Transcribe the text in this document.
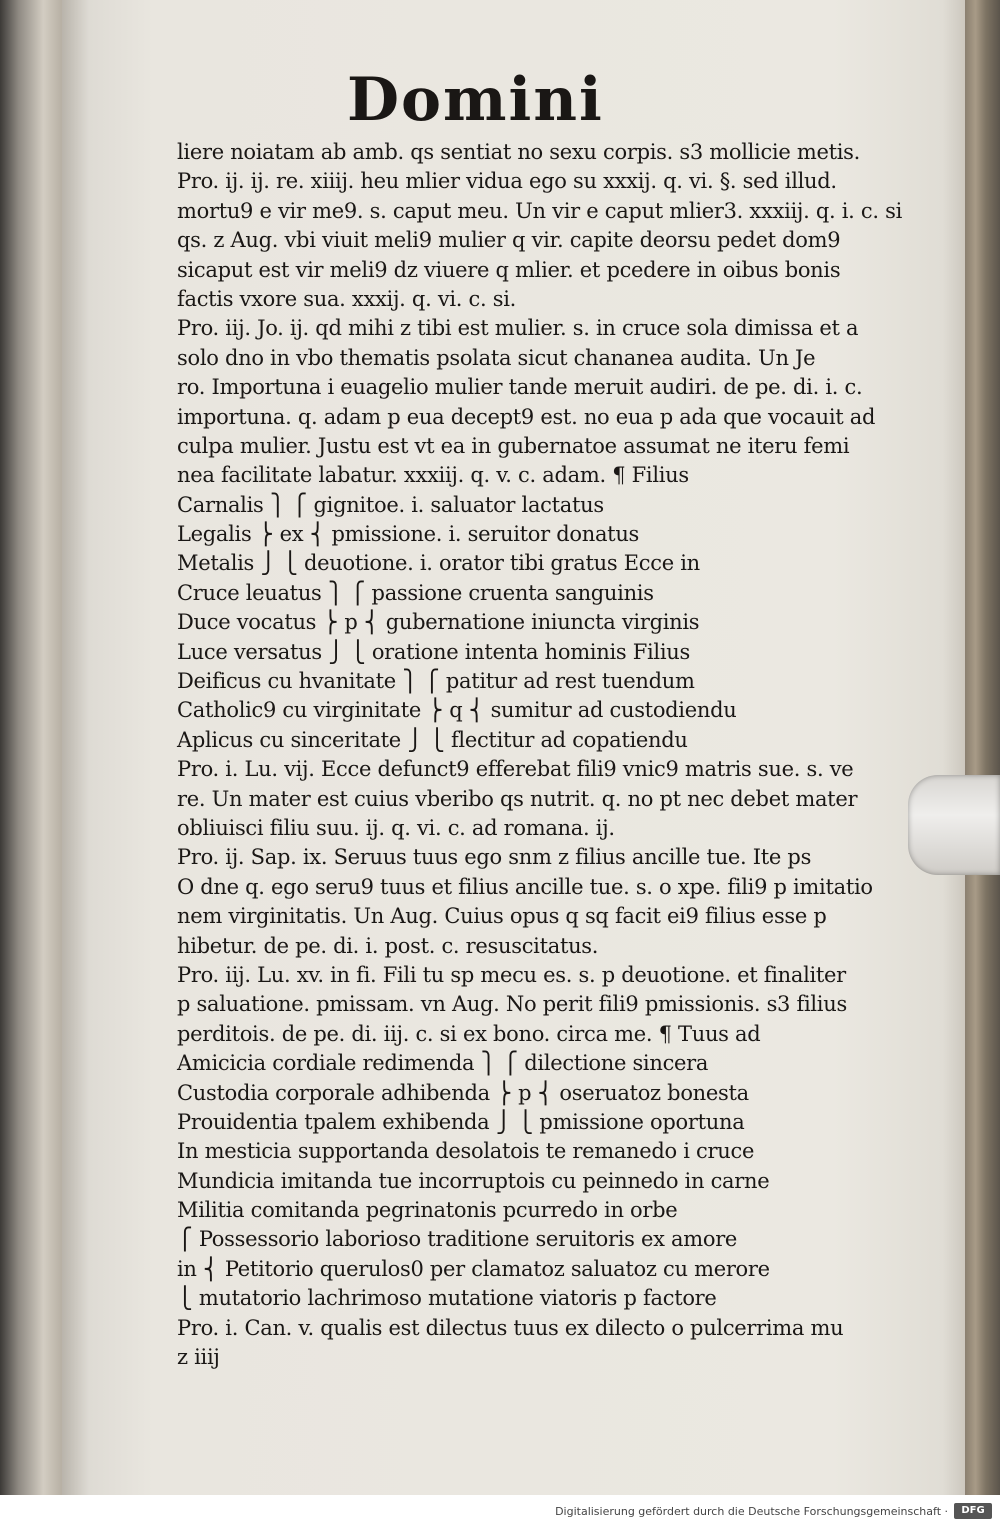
Domini
liere noiatam ab amb. qs sentiat no sexu corpis. s3 mollicie metis.
Pro. ij. ij. re. xiiij. heu mlier vidua ego su xxxij. q. vi. §. sed illud.
mortu9 e vir me9. s. caput meu. Un vir e caput mlier3. xxxiij. q. i. c. si
qs. z Aug. vbi viuit meli9 mulier q vir. capite deorsu pedet dom9
sicaput est vir meli9 dz viuere q mlier. et pcedere in oibus bonis
factis vxore sua. xxxij. q. vi. c. si.
Pro. iij. Jo. ij. qd mihi z tibi est mulier. s. in cruce sola dimissa et a
solo dno in vbo thematis psolata sicut chananea audita. Un Je
ro. Importuna i euagelio mulier tande meruit audiri. de pe. di. i. c.
importuna. q. adam p eua decept9 est. no eua p ada que vocauit ad
culpa mulier. Justu est vt ea in gubernatoe assumat ne iteru femi
nea facilitate labatur. xxxiij. q. v. c. adam. ¶ Filius
Carnalis ⎫ ⎧ gignitoe. i. saluator lactatus
Legalis ⎬ ex ⎨ pmissione. i. seruitor donatus
Metalis ⎭ ⎩ deuotione. i. orator tibi gratus Ecce in
Cruce leuatus ⎫ ⎧ passione cruenta sanguinis
Duce vocatus ⎬ p ⎨ gubernatione iniuncta virginis
Luce versatus ⎭ ⎩ oratione intenta hominis Filius
Deificus cu hvanitate ⎫ ⎧ patitur ad rest tuendum
Catholic9 cu virginitate ⎬ q ⎨ sumitur ad custodiendu
Aplicus cu sinceritate ⎭ ⎩ flectitur ad copatiendu
Pro. i. Lu. vij. Ecce defunct9 efferebat fili9 vnic9 matris sue. s. ve
re. Un mater est cuius vberibo qs nutrit. q. no pt nec debet mater
obliuisci filiu suu. ij. q. vi. c. ad romana. ij.
Pro. ij. Sap. ix. Seruus tuus ego snm z filius ancille tue. Ite ps
O dne q. ego seru9 tuus et filius ancille tue. s. o xpe. fili9 p imitatio
nem virginitatis. Un Aug. Cuius opus q sq facit ei9 filius esse p
hibetur. de pe. di. i. post. c. resuscitatus.
Pro. iij. Lu. xv. in fi. Fili tu sp mecu es. s. p deuotione. et finaliter
p saluatione. pmissam. vn Aug. No perit fili9 pmissionis. s3 filius
perditois. de pe. di. iij. c. si ex bono. circa me. ¶ Tuus ad
Amicicia cordiale redimenda ⎫ ⎧ dilectione sincera
Custodia corporale adhibenda ⎬ p ⎨ oseruatoz bonesta
Prouidentia tpalem exhibenda ⎭ ⎩ pmissione oportuna
In mesticia supportanda desolatois te remanedo i cruce
Mundicia imitanda tue incorruptois cu peinnedo in carne
Militia comitanda pegrinatonis pcurredo in orbe
⎧ Possessorio laborioso traditione seruitoris ex amore
in ⎨ Petitorio querulos0 per clamatoz saluatoz cu merore
⎩ mutatorio lachrimoso mutatione viatoris p factore
Pro. i. Can. v. qualis est dilectus tuus ex dilecto o pulcerrima mu
z iiij
Digitalisierung gefördert durch die Deutsche Forschungsgemeinschaft ·	DFG
